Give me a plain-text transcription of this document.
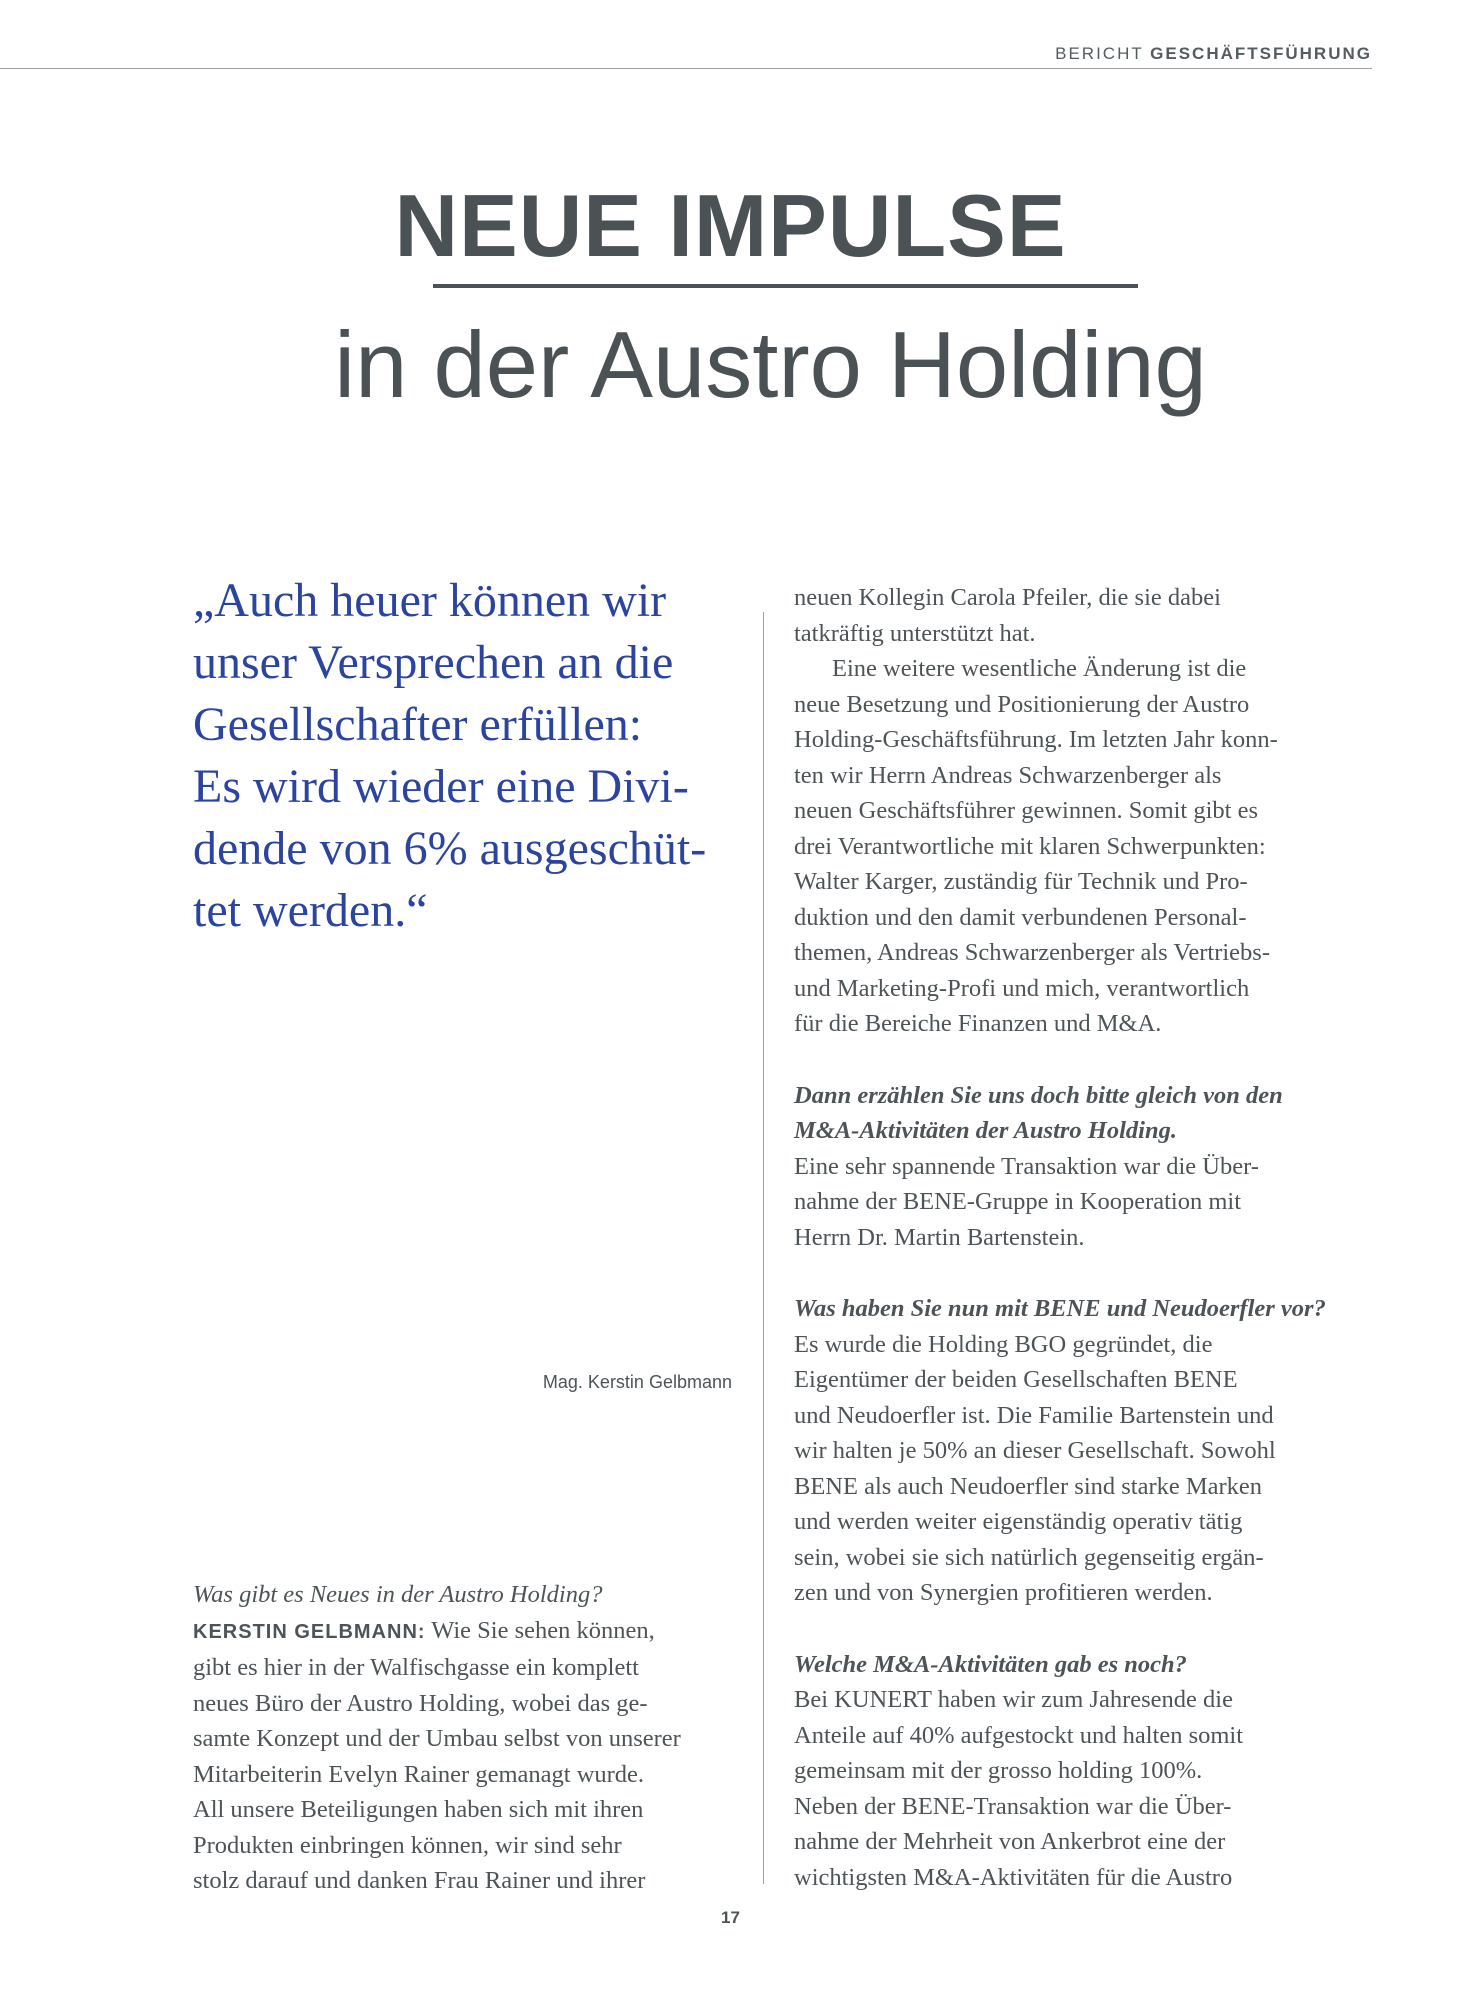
BERICHT GESCHÄFTSFÜHRUNG
NEUE IMPULSE
in der Austro Holding
„Auch heuer können wir
unser Versprechen an die
Gesellschafter erfüllen:
Es wird wieder eine Divi-
dende von 6% ausgeschüt-
tet werden.“
Mag. Kerstin Gelbmann
Was gibt es Neues in der Austro Holding?
KERSTIN GELBMANN: Wie Sie sehen können,
gibt es hier in der Walfischgasse ein komplett
neues Büro der Austro Holding, wobei das ge-
samte Konzept und der Umbau selbst von unserer
Mitarbeiterin Evelyn Rainer gemanagt wurde.
All unsere Beteiligungen haben sich mit ihren
Produkten einbringen können, wir sind sehr
stolz darauf und danken Frau Rainer und ihrer
neuen Kollegin Carola Pfeiler, die sie dabei
tatkräftig unterstützt hat.
Eine weitere wesentliche Änderung ist die
neue Besetzung und Positionierung der Austro
Holding-Geschäftsführung. Im letzten Jahr konn-
ten wir Herrn Andreas Schwarzenberger als
neuen Geschäftsführer gewinnen. Somit gibt es
drei Verantwortliche mit klaren Schwerpunkten:
Walter Karger, zuständig für Technik und Pro-
duktion und den damit verbundenen Personal-
themen, Andreas Schwarzenberger als Vertriebs-
und Marketing-Profi und mich, verantwortlich
für die Bereiche Finanzen und M&A.
Dann erzählen Sie uns doch bitte gleich von den
M&A-Aktivitäten der Austro Holding.
Eine sehr spannende Transaktion war die Über-
nahme der BENE-Gruppe in Kooperation mit
Herrn Dr. Martin Bartenstein.
Was haben Sie nun mit BENE und Neudoerfler vor?
Es wurde die Holding BGO gegründet, die
Eigentümer der beiden Gesellschaften BENE
und Neudoerfler ist. Die Familie Bartenstein und
wir halten je 50% an dieser Gesellschaft. Sowohl
BENE als auch Neudoerfler sind starke Marken
und werden weiter eigenständig operativ tätig
sein, wobei sie sich natürlich gegenseitig ergän-
zen und von Synergien profitieren werden.
Welche M&A-Aktivitäten gab es noch?
Bei KUNERT haben wir zum Jahresende die
Anteile auf 40% aufgestockt und halten somit
gemeinsam mit der grosso holding 100%.
Neben der BENE-Transaktion war die Über-
nahme der Mehrheit von Ankerbrot eine der
wichtigsten M&A-Aktivitäten für die Austro
17
